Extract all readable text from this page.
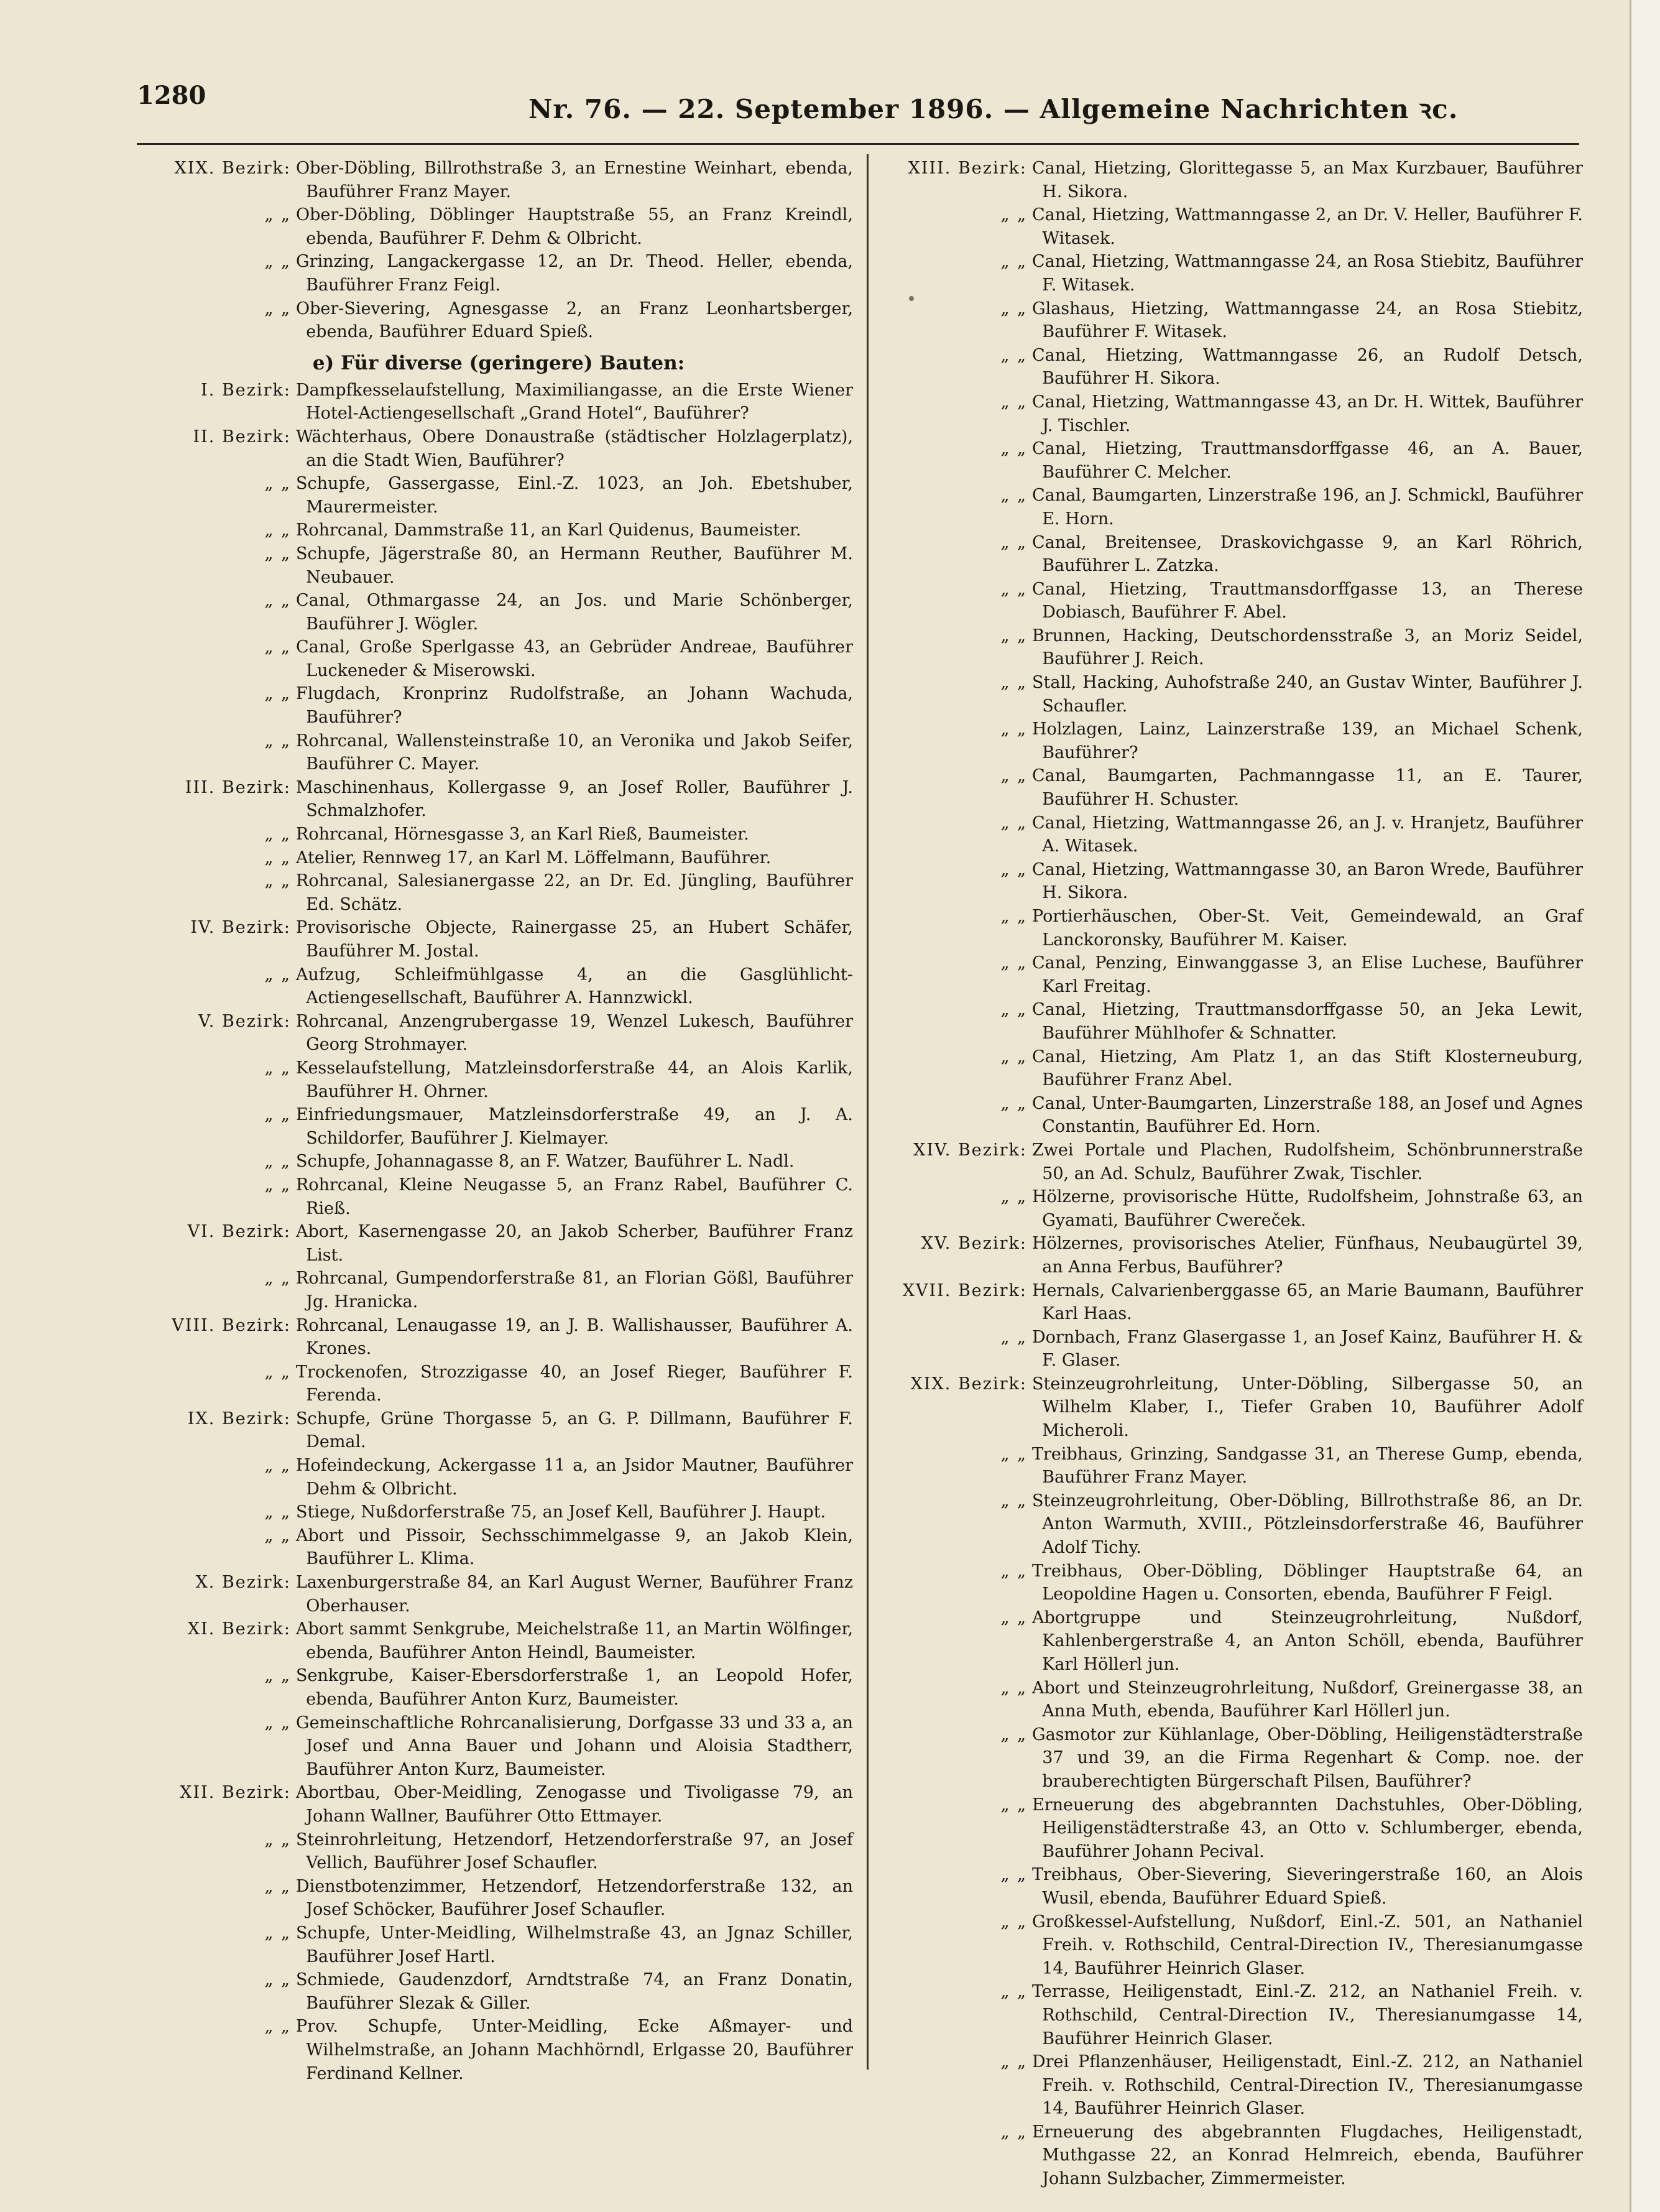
1280	Nr. 76. — 22. September 1896. — Allgemeine Nachrichten ꝛc.
XIX. Bezirk: Ober-Döbling, Billrothstraße 3, an Ernestine Weinhart, ebenda, Bauführer Franz Mayer.
„ „ Ober-Döbling, Döblinger Hauptstraße 55, an Franz Kreindl, ebenda, Bauführer F. Dehm & Olbricht.
„ „ Grinzing, Langackergasse 12, an Dr. Theod. Heller, ebenda, Bauführer Franz Feigl.
„ „ Ober-Sievering, Agnesgasse 2, an Franz Leonhartsberger, ebenda, Bauführer Eduard Spieß.
e) Für diverse (geringere) Bauten:
I. Bezirk: Dampfkesselaufstellung, Maximiliangasse, an die Erste Wiener Hotel-Actiengesellschaft „Grand Hotel“, Bauführer?
II. Bezirk: Wächterhaus, Obere Donaustraße (städtischer Holzlagerplatz), an die Stadt Wien, Bauführer?
„ „ Schupfe, Gassergasse, Einl.-Z. 1023, an Joh. Ebetshuber, Maurermeister.
„ „ Rohrcanal, Dammstraße 11, an Karl Quidenus, Baumeister.
„ „ Schupfe, Jägerstraße 80, an Hermann Reuther, Bauführer M. Neubauer.
„ „ Canal, Othmargasse 24, an Jos. und Marie Schönberger, Bauführer J. Wögler.
„ „ Canal, Große Sperlgasse 43, an Gebrüder Andreae, Bauführer Luckeneder & Miserowski.
„ „ Flugdach, Kronprinz Rudolfstraße, an Johann Wachuda, Bauführer?
„ „ Rohrcanal, Wallensteinstraße 10, an Veronika und Jakob Seifer, Bauführer C. Mayer.
III. Bezirk: Maschinenhaus, Kollergasse 9, an Josef Roller, Bauführer J. Schmalzhofer.
„ „ Rohrcanal, Hörnesgasse 3, an Karl Rieß, Baumeister.
„ „ Atelier, Rennweg 17, an Karl M. Löffelmann, Bauführer.
„ „ Rohrcanal, Salesianergasse 22, an Dr. Ed. Jüngling, Bauführer Ed. Schätz.
IV. Bezirk: Provisorische Objecte, Rainergasse 25, an Hubert Schäfer, Bauführer M. Jostal.
„ „ Aufzug, Schleifmühlgasse 4, an die Gasglühlicht-Actiengesellschaft, Bauführer A. Hannzwickl.
V. Bezirk: Rohrcanal, Anzengrubergasse 19, Wenzel Lukesch, Bauführer Georg Strohmayer.
„ „ Kesselaufstellung, Matzleinsdorferstraße 44, an Alois Karlik, Bauführer H. Ohrner.
„ „ Einfriedungsmauer, Matzleinsdorferstraße 49, an J. A. Schildorfer, Bauführer J. Kielmayer.
„ „ Schupfe, Johannagasse 8, an F. Watzer, Bauführer L. Nadl.
„ „ Rohrcanal, Kleine Neugasse 5, an Franz Rabel, Bauführer C. Rieß.
VI. Bezirk: Abort, Kasernengasse 20, an Jakob Scherber, Bauführer Franz List.
„ „ Rohrcanal, Gumpendorferstraße 81, an Florian Gößl, Bauführer Jg. Hranicka.
VIII. Bezirk: Rohrcanal, Lenaugasse 19, an J. B. Wallishausser, Bauführer A. Krones.
„ „ Trockenofen, Strozzigasse 40, an Josef Rieger, Bauführer F. Ferenda.
IX. Bezirk: Schupfe, Grüne Thorgasse 5, an G. P. Dillmann, Bauführer F. Demal.
„ „ Hofeindeckung, Ackergasse 11 a, an Jsidor Mautner, Bauführer Dehm & Olbricht.
„ „ Stiege, Nußdorferstraße 75, an Josef Kell, Bauführer J. Haupt.
„ „ Abort und Pissoir, Sechsschimmelgasse 9, an Jakob Klein, Bauführer L. Klima.
X. Bezirk: Laxenburgerstraße 84, an Karl August Werner, Bauführer Franz Oberhauser.
XI. Bezirk: Abort sammt Senkgrube, Meichelstraße 11, an Martin Wölfinger, ebenda, Bauführer Anton Heindl, Baumeister.
„ „ Senkgrube, Kaiser-Ebersdorferstraße 1, an Leopold Hofer, ebenda, Bauführer Anton Kurz, Baumeister.
„ „ Gemeinschaftliche Rohrcanalisierung, Dorfgasse 33 und 33 a, an Josef und Anna Bauer und Johann und Aloisia Stadtherr, Bauführer Anton Kurz, Baumeister.
XII. Bezirk: Abortbau, Ober-Meidling, Zenogasse und Tivoligasse 79, an Johann Wallner, Bauführer Otto Ettmayer.
„ „ Steinrohrleitung, Hetzendorf, Hetzendorferstraße 97, an Josef Vellich, Bauführer Josef Schaufler.
„ „ Dienstbotenzimmer, Hetzendorf, Hetzendorferstraße 132, an Josef Schöcker, Bauführer Josef Schaufler.
„ „ Schupfe, Unter-Meidling, Wilhelmstraße 43, an Jgnaz Schiller, Bauführer Josef Hartl.
„ „ Schmiede, Gaudenzdorf, Arndtstraße 74, an Franz Donatin, Bauführer Slezak & Giller.
„ „ Prov. Schupfe, Unter-Meidling, Ecke Aßmayer- und Wilhelmstraße, an Johann Machhörndl, Erlgasse 20, Bauführer Ferdinand Kellner.
XIII. Bezirk: Canal, Hietzing, Glorittegasse 5, an Max Kurzbauer, Bauführer H. Sikora.
„ „ Canal, Hietzing, Wattmanngasse 2, an Dr. V. Heller, Bauführer F. Witasek.
„ „ Canal, Hietzing, Wattmanngasse 24, an Rosa Stiebitz, Bauführer F. Witasek.
„ „ Glashaus, Hietzing, Wattmanngasse 24, an Rosa Stiebitz, Bauführer F. Witasek.
„ „ Canal, Hietzing, Wattmanngasse 26, an Rudolf Detsch, Bauführer H. Sikora.
„ „ Canal, Hietzing, Wattmanngasse 43, an Dr. H. Wittek, Bauführer J. Tischler.
„ „ Canal, Hietzing, Trauttmansdorffgasse 46, an A. Bauer, Bauführer C. Melcher.
„ „ Canal, Baumgarten, Linzerstraße 196, an J. Schmickl, Bauführer E. Horn.
„ „ Canal, Breitensee, Draskovichgasse 9, an Karl Röhrich, Bauführer L. Zatzka.
„ „ Canal, Hietzing, Trauttmansdorffgasse 13, an Therese Dobiasch, Bauführer F. Abel.
„ „ Brunnen, Hacking, Deutschordensstraße 3, an Moriz Seidel, Bauführer J. Reich.
„ „ Stall, Hacking, Auhofstraße 240, an Gustav Winter, Bauführer J. Schaufler.
„ „ Holzlagen, Lainz, Lainzerstraße 139, an Michael Schenk, Bauführer?
„ „ Canal, Baumgarten, Pachmanngasse 11, an E. Taurer, Bauführer H. Schuster.
„ „ Canal, Hietzing, Wattmanngasse 26, an J. v. Hranjetz, Bauführer A. Witasek.
„ „ Canal, Hietzing, Wattmanngasse 30, an Baron Wrede, Bauführer H. Sikora.
„ „ Portierhäuschen, Ober-St. Veit, Gemeindewald, an Graf Lanckoronsky, Bauführer M. Kaiser.
„ „ Canal, Penzing, Einwanggasse 3, an Elise Luchese, Bauführer Karl Freitag.
„ „ Canal, Hietzing, Trauttmansdorffgasse 50, an Jeka Lewit, Bauführer Mühlhofer & Schnatter.
„ „ Canal, Hietzing, Am Platz 1, an das Stift Klosterneuburg, Bauführer Franz Abel.
„ „ Canal, Unter-Baumgarten, Linzerstraße 188, an Josef und Agnes Constantin, Bauführer Ed. Horn.
XIV. Bezirk: Zwei Portale und Plachen, Rudolfsheim, Schönbrunnerstraße 50, an Ad. Schulz, Bauführer Zwak, Tischler.
„ „ Hölzerne, provisorische Hütte, Rudolfsheim, Johnstraße 63, an Gyamati, Bauführer Cwereček.
XV. Bezirk: Hölzernes, provisorisches Atelier, Fünfhaus, Neubaugürtel 39, an Anna Ferbus, Bauführer?
XVII. Bezirk: Hernals, Calvarienberggasse 65, an Marie Baumann, Bauführer Karl Haas.
„ „ Dornbach, Franz Glasergasse 1, an Josef Kainz, Bauführer H. & F. Glaser.
XIX. Bezirk: Steinzeugrohrleitung, Unter-Döbling, Silbergasse 50, an Wilhelm Klaber, I., Tiefer Graben 10, Bauführer Adolf Micheroli.
„ „ Treibhaus, Grinzing, Sandgasse 31, an Therese Gump, ebenda, Bauführer Franz Mayer.
„ „ Steinzeugrohrleitung, Ober-Döbling, Billrothstraße 86, an Dr. Anton Warmuth, XVIII., Pötzleinsdorferstraße 46, Bauführer Adolf Tichy.
„ „ Treibhaus, Ober-Döbling, Döblinger Hauptstraße 64, an Leopoldine Hagen u. Consorten, ebenda, Bauführer F Feigl.
„ „ Abortgruppe und Steinzeugrohrleitung, Nußdorf, Kahlenbergerstraße 4, an Anton Schöll, ebenda, Bauführer Karl Höllerl jun.
„ „ Abort und Steinzeugrohrleitung, Nußdorf, Greinergasse 38, an Anna Muth, ebenda, Bauführer Karl Höllerl jun.
„ „ Gasmotor zur Kühlanlage, Ober-Döbling, Heiligenstädterstraße 37 und 39, an die Firma Regenhart & Comp. noe. der brauberechtigten Bürgerschaft Pilsen, Bauführer?
„ „ Erneuerung des abgebrannten Dachstuhles, Ober-Döbling, Heiligenstädterstraße 43, an Otto v. Schlumberger, ebenda, Bauführer Johann Pecival.
„ „ Treibhaus, Ober-Sievering, Sieveringerstraße 160, an Alois Wusil, ebenda, Bauführer Eduard Spieß.
„ „ Großkessel-Aufstellung, Nußdorf, Einl.-Z. 501, an Nathaniel Freih. v. Rothschild, Central-Direction IV., Theresianumgasse 14, Bauführer Heinrich Glaser.
„ „ Terrasse, Heiligenstadt, Einl.-Z. 212, an Nathaniel Freih. v. Rothschild, Central-Direction IV., Theresianumgasse 14, Bauführer Heinrich Glaser.
„ „ Drei Pflanzenhäuser, Heiligenstadt, Einl.-Z. 212, an Nathaniel Freih. v. Rothschild, Central-Direction IV., Theresianumgasse 14, Bauführer Heinrich Glaser.
„ „ Erneuerung des abgebrannten Flugdaches, Heiligenstadt, Muthgasse 22, an Konrad Helmreich, ebenda, Bauführer Johann Sulzbacher, Zimmermeister.
